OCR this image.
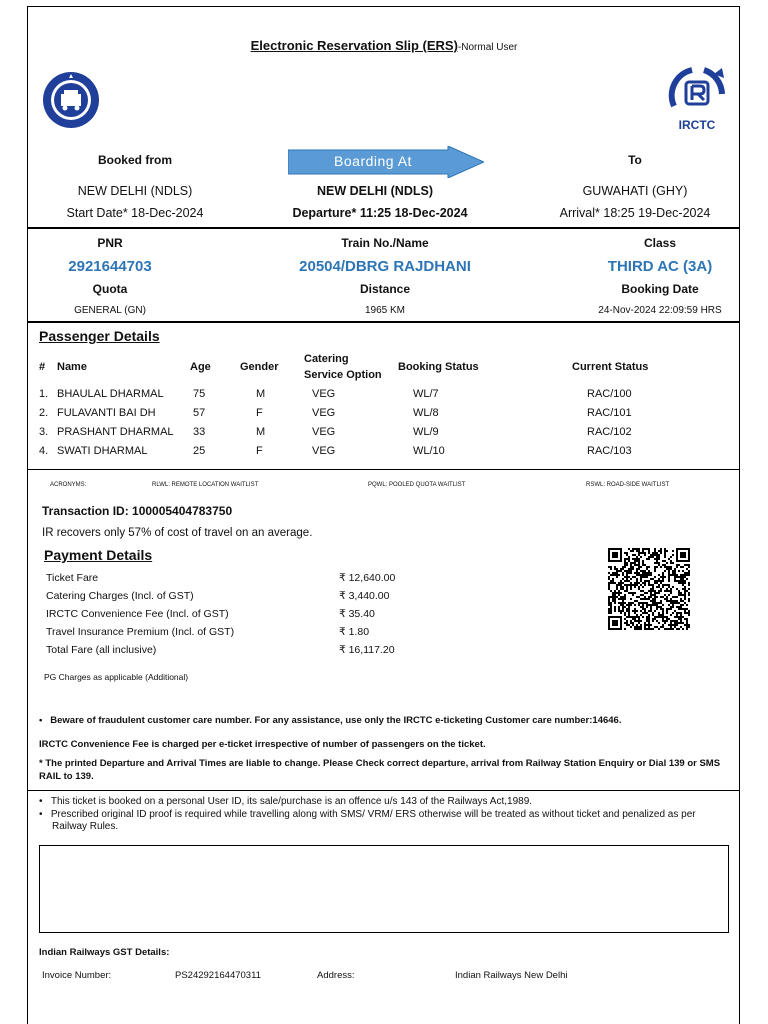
Electronic Reservation Slip (ERS)-Normal User
IRCTC
Booked from	Boarding At	To
NEW DELHI (NDLS)	NEW DELHI (NDLS)	GUWAHATI (GHY)
Start Date* 18-Dec-2024	Departure* 11:25 18-Dec-2024	Arrival* 18:25 19-Dec-2024
PNR	Train No./Name	Class
2921644703	20504/DBRG RAJDHANI	THIRD AC (3A)
Quota	Distance	Booking Date
GENERAL (GN)	1965 KM	24-Nov-2024 22:09:59 HRS
Passenger Details
# Name	Age	Gender
Catering
Service Option
Booking Status	Current Status
1. BHAULAL DHARMAL	75	M	VEG	WL/7	RAC/100
2. FULAVANTI BAI DH	57	F	VEG	WL/8	RAC/101
3. PRASHANT DHARMAL 33	M	VEG	WL/9	RAC/102
4. SWATI DHARMAL	25	F	VEG	WL/10	RAC/103
ACRONYMS:	RLWL: REMOTE LOCATION WAITLIST	PQWL: POOLED QUOTA WAITLIST	RSWL: ROAD-SIDE WAITLIST
Transaction ID: 100005404783750
IR recovers only 57% of cost of travel on an average.
Payment Details
Ticket Fare	₹ 12,640.00
Catering Charges (Incl. of GST)	₹ 3,440.00
IRCTC Convenience Fee (Incl. of GST)	₹ 35.40
Travel Insurance Premium (Incl. of GST)	₹ 1.80
Total Fare (all inclusive)	₹ 16,117.20
PG Charges as applicable (Additional)
•   Beware of fraudulent customer care number. For any assistance, use only the IRCTC e-ticketing Customer care number:14646.
IRCTC Convenience Fee is charged per e-ticket irrespective of number of passengers on the ticket.
* The printed Departure and Arrival Times are liable to change. Please Check correct departure, arrival from Railway Station Enquiry or Dial 139 or SMS RAIL to 139.
•   This ticket is booked on a personal User ID, its sale/purchase is an offence u/s 143 of the Railways Act,1989.
•   Prescribed original ID proof is required while travelling along with SMS/ VRM/ ERS otherwise will be treated as without ticket and penalized as per Railway Rules.
Indian Railways GST Details:
Invoice Number:	PS24292164470311	Address:	Indian Railways New Delhi
